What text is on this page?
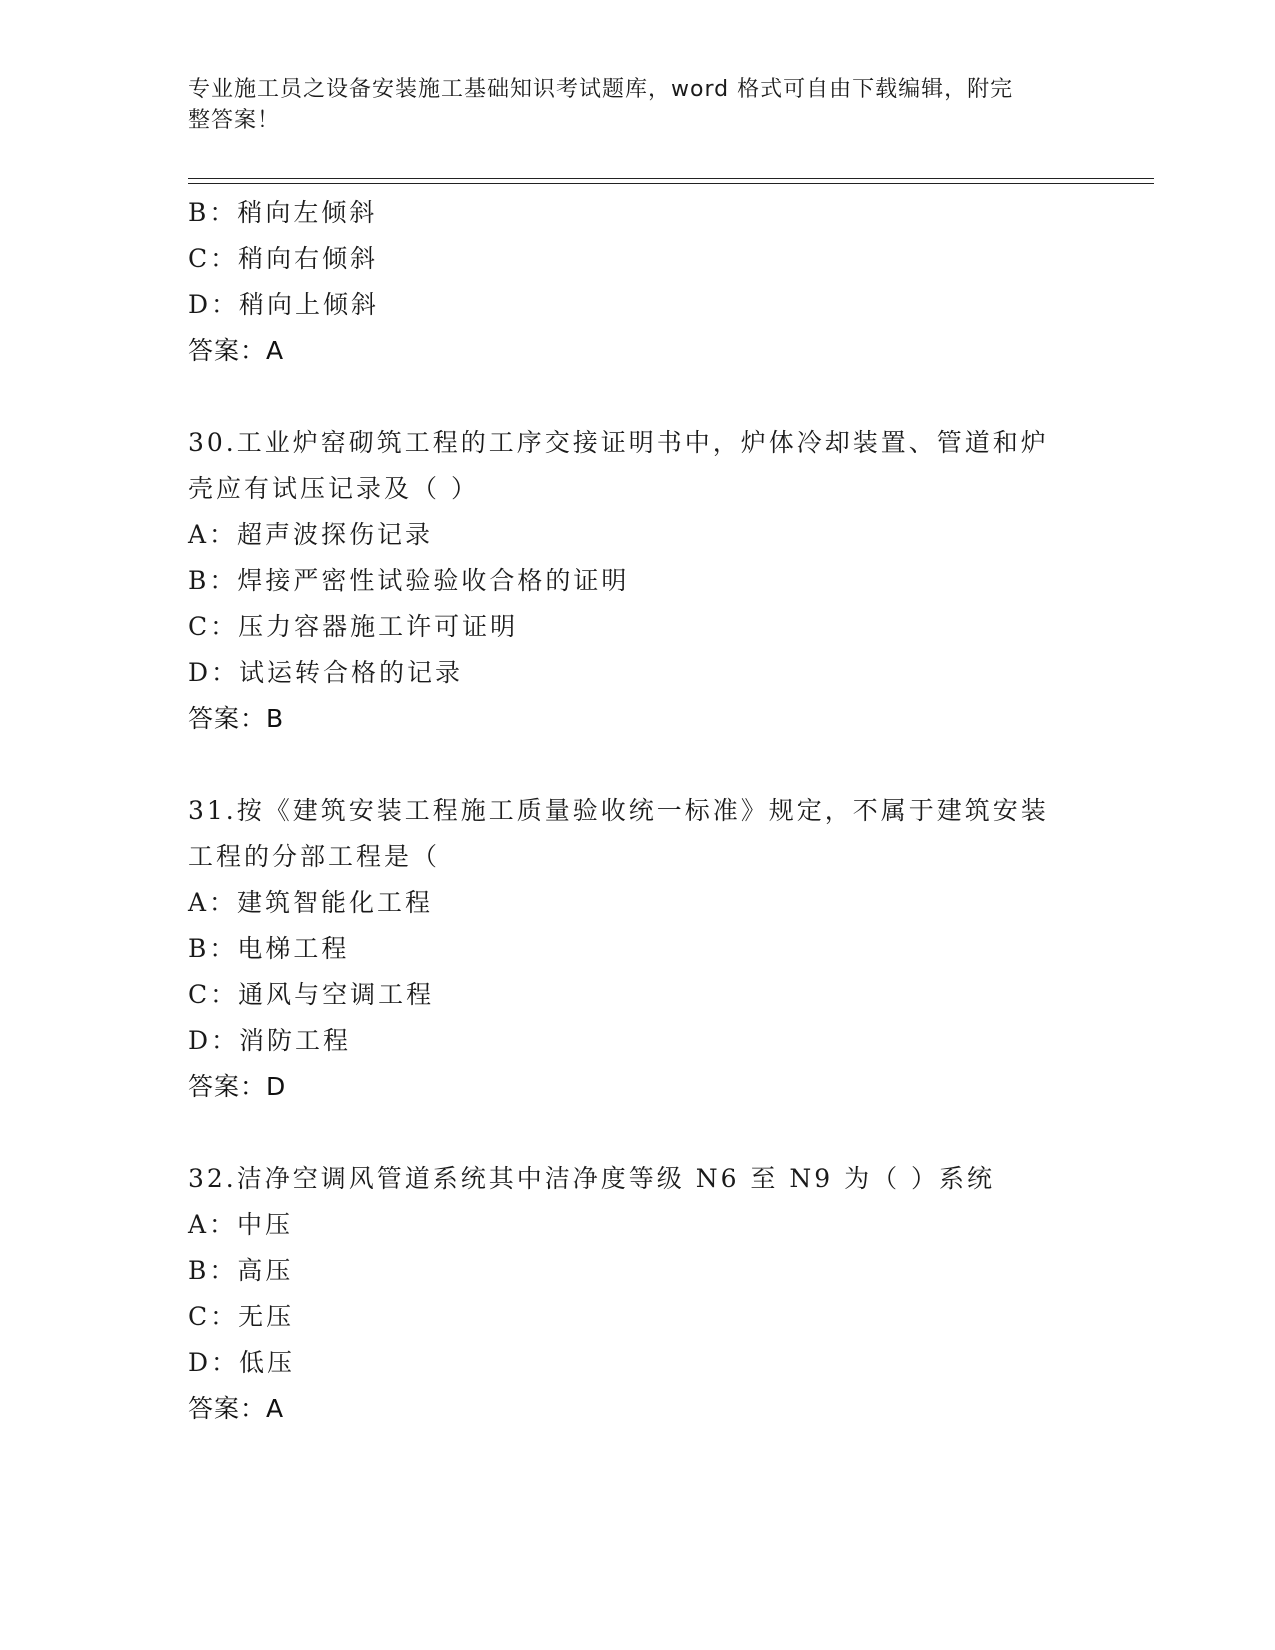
专业施工员之设备安装施工基础知识考试题库，word 格式可自由下载编辑，附完
整答案！
B：稍向左倾斜
C：稍向右倾斜
D：稍向上倾斜
答案：A
30.工业炉窑砌筑工程的工序交接证明书中，炉体冷却装置、管道和炉
壳应有试压记录及（ ）
A：超声波探伤记录
B：焊接严密性试验验收合格的证明
C：压力容器施工许可证明
D：试运转合格的记录
答案：B
31.按《建筑安装工程施工质量验收统一标准》规定，不属于建筑安装
工程的分部工程是（
A：建筑智能化工程
B：电梯工程
C：通风与空调工程
D：消防工程
答案：D
32.洁净空调风管道系统其中洁净度等级 N6 至 N9 为（ ）系统
A：中压
B：高压
C：无压
D：低压
答案：A
